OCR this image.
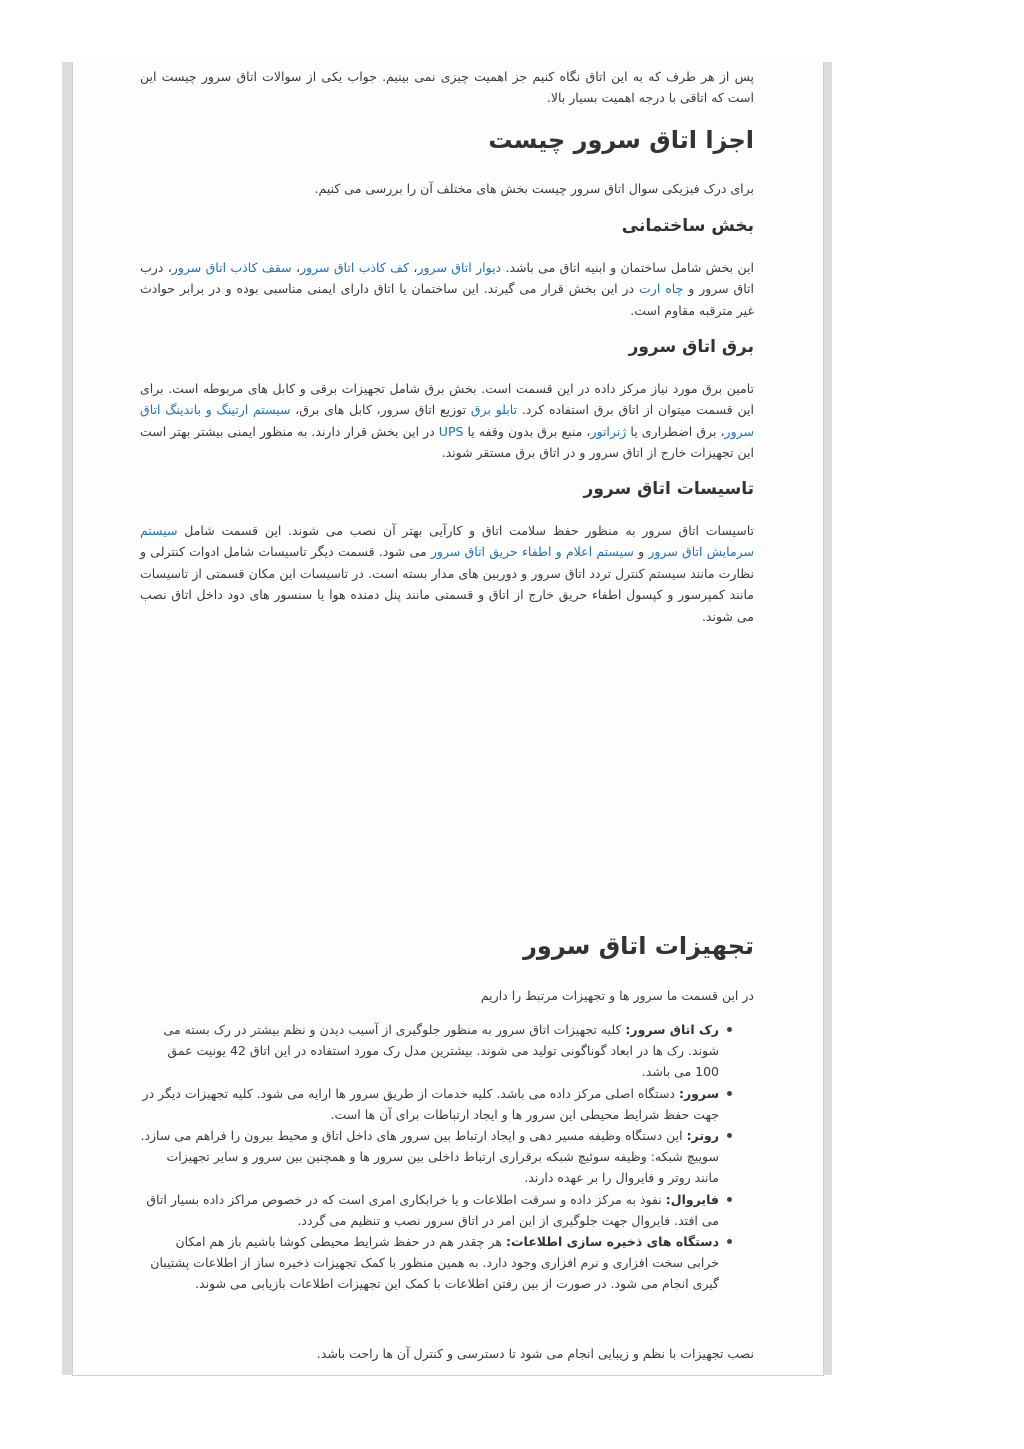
پس از هر طرف که به این اتاق نگاه کنیم جز اهمیت چیزی نمی بینیم. جواب یکی از سوالات اتاق سرور چیست این است که اتاقی با درجه اهمیت بسیار بالا.

اجزا اتاق سرور چیست

برای درک فیزیکی سوال اتاق سرور چیست بخش های مختلف آن را بررسی می کنیم.

بخش ساختمانی

این بخش شامل ساختمان و ابنیه اتاق می باشد. دیوار اتاق سرور، کف کاذب اتاق سرور، سقف کاذب اتاق سرور، درب اتاق سرور و چاه ارت در این بخش قرار می گیرند. این ساختمان یا اتاق دارای ایمنی مناسبی بوده و در برابر حوادث غیر مترقبه مقاوم است.

برق اتاق سرور

تامین برق مورد نیاز مرکز داده در این قسمت است. بخش برق شامل تجهیزات برقی و کابل های مربوطه است. برای این قسمت میتوان از اتاق برق استفاده کرد. تابلو برق توزیع اتاق سرور، کابل های برق، سیستم ارتینگ و باندینگ اتاق سرور، برق اضطراری یا ژنراتور، منبع برق بدون وقفه یا UPS در این بخش قرار دارند. به منظور ایمنی بیشتر بهتر است این تجهیزات خارج از اتاق سرور و در اتاق برق مستقر شوند.

تاسیسات اتاق سرور

تاسیسات اتاق سرور به منظور حفظ سلامت اتاق و کارآیی بهتر آن نصب می شوند. این قسمت شامل سیستم سرمایش اتاق سرور و سیستم اعلام و اطفاء حریق اتاق سرور می شود. قسمت دیگر تاسیسات شامل ادوات کنترلی و نظارت مانند سیستم کنترل تردد اتاق سرور و دوربین های مدار بسته است. در تاسیسات این مکان قسمتی از تاسیسات مانند کمپرسور و کپسول اطفاء حریق خارج از اتاق و قسمتی مانند پنل دمنده هوا یا سنسور های دود داخل اتاق نصب می شوند.

تجهیزات اتاق سرور

در این قسمت ما سرور ها و تجهیزات مرتبط را داریم

رک اتاق سرور: کلیه تجهیزات اتاق سرور به منظور جلوگیری از آسیب دیدن و نظم بیشتر در رک بسته می شوند. رک ها در ابعاد گوناگونی تولید می شوند. بیشترین مدل رک مورد استفاده در این اتاق 42 یونیت عمق 100 می باشد.
سرور: دستگاه اصلی مرکز داده می باشد. کلیه خدمات از طریق سرور ها ارایه می شود. کلیه تجهیزات دیگر در جهت حفظ شرایط محیطی این سرور ها و ایجاد ارتباطات برای آن ها است.
روتر: این دستگاه وظیفه مسیر دهی و ایجاد ارتباط بین سرور های داخل اتاق و محیط بیرون را فراهم می سازد.
سوییچ شبکه: وظیفه سوئیچ شبکه برقراری ارتباط داخلی بین سرور ها و همچنین بین سرور و سایر تجهیزات مانند روتر و فایروال را بر عهده دارند.
فایروال: نفوذ به مرکز داده و سرقت اطلاعات و یا خرابکاری امری است که در خصوص مراکز داده بسیار اتاق می افتد. فایروال جهت جلوگیری از این امر در اتاق سرور نصب و تنظیم می گردد.
دستگاه های ذخیره سازی اطلاعات: هر چقدر هم در حفظ شرایط محیطی کوشا باشیم باز هم امکان خرابی سخت افزاری و نرم افزاری وجود دارد. به همین منظور با کمک تجهیزات ذخیره ساز از اطلاعات پشتیبان گیری انجام می شود. در صورت از بین رفتن اطلاعات با کمک این تجهیزات اطلاعات بازیابی می شوند.

نصب تجهیزات با نظم و زیبایی انجام می شود تا دسترسی و کنترل آن ها راحت باشد.
